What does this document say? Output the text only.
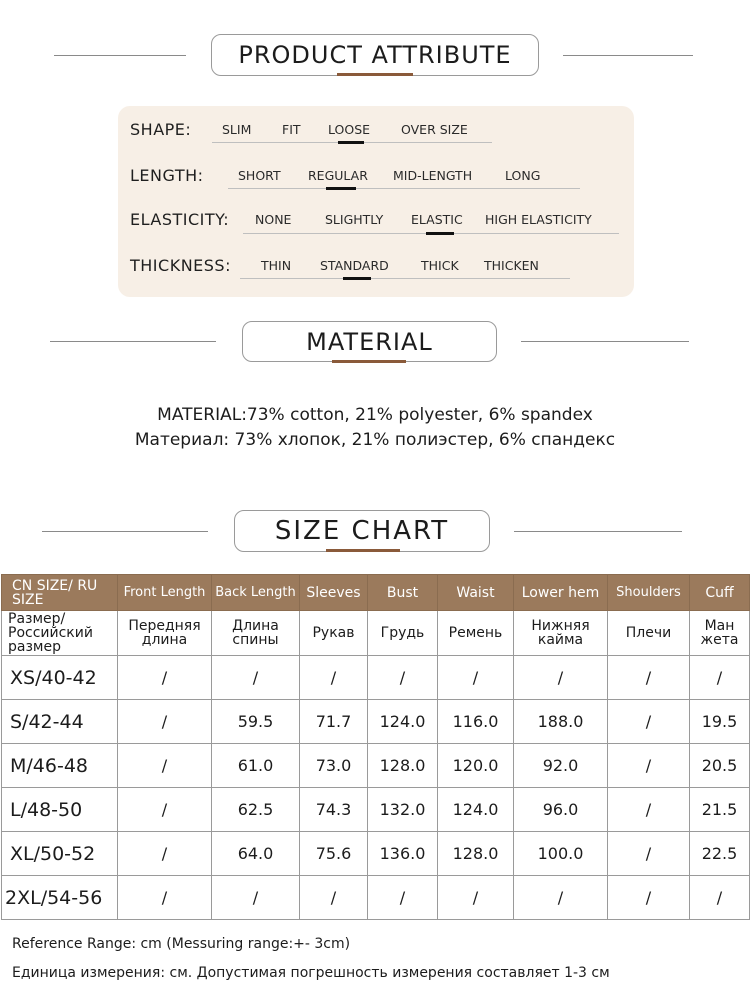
PRODUCT ATTRIBUTE
SHAPE: SLIM FIT LOOSE OVER SIZE
LENGTH:	SHORT REGULAR MID-LENGTH	LONG
ELASTICITY: NONE	SLIGHTLY ELASTIC HIGH ELASTICITY
THICKNESS: THIN STANDARD	THICK THICKEN
MATERIAL
MATERIAL:73% cotton, 21% polyester, 6% spandex
Материал: 73% хлопок, 21% полиэстер, 6% спандекс
SIZE CHART
CN SIZE/ RU SIZE	Front Length	Back Length	Sleeves	Bust	Waist	Lower hem	Shoulders	Cuff
Размер/ Российский размер	Передняя длина	Длина спины	Рукав	Грудь	Ремень	Нижняя кайма	Плечи	Ман жета
XS/40-42	/	/	/	/	/	/	/	/
S/42-44	/	59.5	71.7	124.0	116.0	188.0	/	19.5
M/46-48	/	61.0	73.0	128.0	120.0	92.0	/	20.5
L/48-50	/	62.5	74.3	132.0	124.0	96.0	/	21.5
XL/50-52	/	64.0	75.6	136.0	128.0	100.0	/	22.5
2XL/54-56	/	/	/	/	/	/	/	/
Reference Range: cm (Messuring range:+- 3cm)
Единица измерения: см. Допустимая погрешность измерения составляет 1-3 см
